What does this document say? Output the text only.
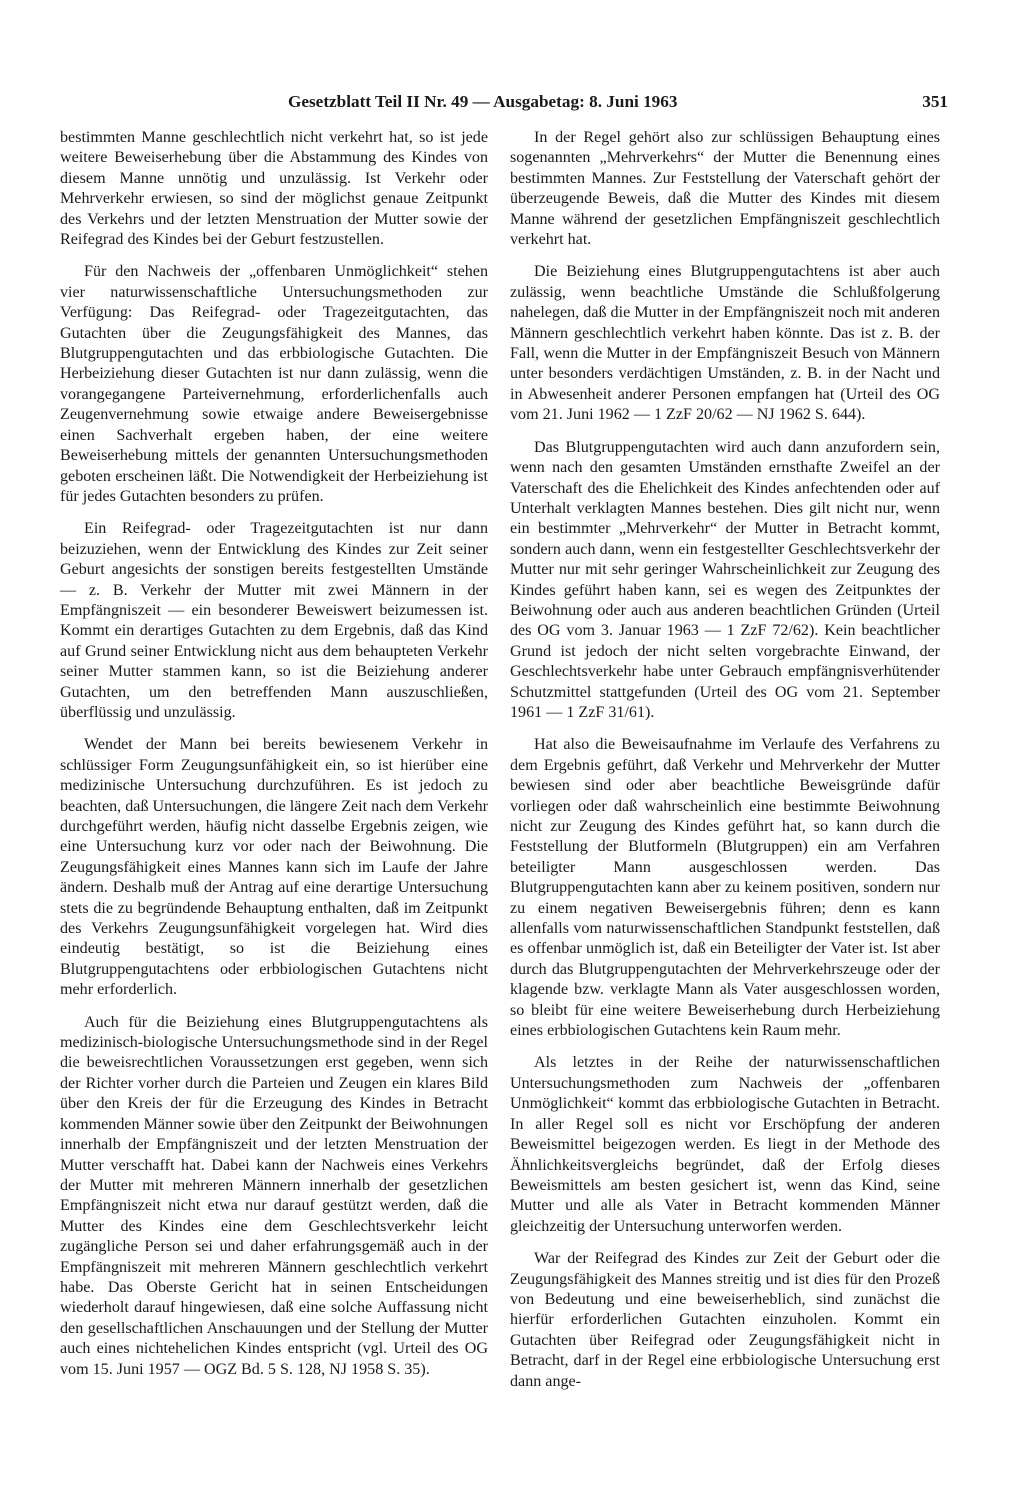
Gesetzblatt Teil II Nr. 49 — Ausgabetag: 8. Juni 1963	351

bestimmten Manne geschlechtlich nicht verkehrt hat, so ist jede weitere Beweiserhebung über die Abstammung des Kindes von diesem Manne unnötig und unzulässig. Ist Verkehr oder Mehrverkehr erwiesen, so sind der möglichst genaue Zeitpunkt des Verkehrs und der letzten Menstruation der Mutter sowie der Reifegrad des Kindes bei der Geburt festzustellen.

Für den Nachweis der „offenbaren Unmöglichkeit“ stehen vier naturwissenschaftliche Untersuchungsmethoden zur Verfügung: Das Reifegrad- oder Tragezeitgutachten, das Gutachten über die Zeugungsfähigkeit des Mannes, das Blutgruppengutachten und das erbbiologische Gutachten. Die Herbeiziehung dieser Gutachten ist nur dann zulässig, wenn die vorangegangene Parteivernehmung, erforderlichenfalls auch Zeugenvernehmung sowie etwaige andere Beweisergebnisse einen Sachverhalt ergeben haben, der eine weitere Beweiserhebung mittels der genannten Untersuchungsmethoden geboten erscheinen läßt. Die Notwendigkeit der Herbeiziehung ist für jedes Gutachten besonders zu prüfen.

Ein Reifegrad- oder Tragezeitgutachten ist nur dann beizuziehen, wenn der Entwicklung des Kindes zur Zeit seiner Geburt angesichts der sonstigen bereits festgestellten Umstände — z. B. Verkehr der Mutter mit zwei Männern in der Empfängniszeit — ein besonderer Beweiswert beizumessen ist. Kommt ein derartiges Gutachten zu dem Ergebnis, daß das Kind auf Grund seiner Entwicklung nicht aus dem behaupteten Verkehr seiner Mutter stammen kann, so ist die Beiziehung anderer Gutachten, um den betreffenden Mann auszuschließen, überflüssig und unzulässig.

Wendet der Mann bei bereits bewiesenem Verkehr in schlüssiger Form Zeugungsunfähigkeit ein, so ist hierüber eine medizinische Untersuchung durchzuführen. Es ist jedoch zu beachten, daß Untersuchungen, die längere Zeit nach dem Verkehr durchgeführt werden, häufig nicht dasselbe Ergebnis zeigen, wie eine Untersuchung kurz vor oder nach der Beiwohnung. Die Zeugungsfähigkeit eines Mannes kann sich im Laufe der Jahre ändern. Deshalb muß der Antrag auf eine derartige Untersuchung stets die zu begründende Behauptung enthalten, daß im Zeitpunkt des Verkehrs Zeugungsunfähigkeit vorgelegen hat. Wird dies eindeutig bestätigt, so ist die Beiziehung eines Blutgruppengutachtens oder erbbiologischen Gutachtens nicht mehr erforderlich.

Auch für die Beiziehung eines Blutgruppengutachtens als medizinisch-biologische Untersuchungsmethode sind in der Regel die beweisrechtlichen Voraussetzungen erst gegeben, wenn sich der Richter vorher durch die Parteien und Zeugen ein klares Bild über den Kreis der für die Erzeugung des Kindes in Betracht kommenden Männer sowie über den Zeitpunkt der Beiwohnungen innerhalb der Empfängniszeit und der letzten Menstruation der Mutter verschafft hat. Dabei kann der Nachweis eines Verkehrs der Mutter mit mehreren Männern innerhalb der gesetzlichen Empfängniszeit nicht etwa nur darauf gestützt werden, daß die Mutter des Kindes eine dem Geschlechtsverkehr leicht zugängliche Person sei und daher erfahrungsgemäß auch in der Empfängniszeit mit mehreren Männern geschlechtlich verkehrt habe. Das Oberste Gericht hat in seinen Entscheidungen wiederholt darauf hingewiesen, daß eine solche Auffassung nicht den gesellschaftlichen Anschauungen und der Stellung der Mutter auch eines nichtehelichen Kindes entspricht (vgl. Urteil des OG vom 15. Juni 1957 — OGZ Bd. 5 S. 128, NJ 1958 S. 35).

In der Regel gehört also zur schlüssigen Behauptung eines sogenannten „Mehrverkehrs“ der Mutter die Benennung eines bestimmten Mannes. Zur Feststellung der Vaterschaft gehört der überzeugende Beweis, daß die Mutter des Kindes mit diesem Manne während der gesetzlichen Empfängniszeit geschlechtlich verkehrt hat.

Die Beiziehung eines Blutgruppengutachtens ist aber auch zulässig, wenn beachtliche Umstände die Schlußfolgerung nahelegen, daß die Mutter in der Empfängniszeit noch mit anderen Männern geschlechtlich verkehrt haben könnte. Das ist z. B. der Fall, wenn die Mutter in der Empfängniszeit Besuch von Männern unter besonders verdächtigen Umständen, z. B. in der Nacht und in Abwesenheit anderer Personen empfangen hat (Urteil des OG vom 21. Juni 1962 — 1 ZzF 20/62 — NJ 1962 S. 644).

Das Blutgruppengutachten wird auch dann anzufordern sein, wenn nach den gesamten Umständen ernsthafte Zweifel an der Vaterschaft des die Ehelichkeit des Kindes anfechtenden oder auf Unterhalt verklagten Mannes bestehen. Dies gilt nicht nur, wenn ein bestimmter „Mehrverkehr“ der Mutter in Betracht kommt, sondern auch dann, wenn ein festgestellter Geschlechtsverkehr der Mutter nur mit sehr geringer Wahrscheinlichkeit zur Zeugung des Kindes geführt haben kann, sei es wegen des Zeitpunktes der Beiwohnung oder auch aus anderen beachtlichen Gründen (Urteil des OG vom 3. Januar 1963 — 1 ZzF 72/62). Kein beachtlicher Grund ist jedoch der nicht selten vorgebrachte Einwand, der Geschlechtsverkehr habe unter Gebrauch empfängnisverhütender Schutzmittel stattgefunden (Urteil des OG vom 21. September 1961 — 1 ZzF 31/61).

Hat also die Beweisaufnahme im Verlaufe des Verfahrens zu dem Ergebnis geführt, daß Verkehr und Mehrverkehr der Mutter bewiesen sind oder aber beachtliche Beweisgründe dafür vorliegen oder daß wahrscheinlich eine bestimmte Beiwohnung nicht zur Zeugung des Kindes geführt hat, so kann durch die Feststellung der Blutformeln (Blutgruppen) ein am Verfahren beteiligter Mann ausgeschlossen werden. Das Blutgruppengutachten kann aber zu keinem positiven, sondern nur zu einem negativen Beweisergebnis führen; denn es kann allenfalls vom naturwissenschaftlichen Standpunkt feststellen, daß es offenbar unmöglich ist, daß ein Beteiligter der Vater ist. Ist aber durch das Blutgruppengutachten der Mehrverkehrszeuge oder der klagende bzw. verklagte Mann als Vater ausgeschlossen worden, so bleibt für eine weitere Beweiserhebung durch Herbeiziehung eines erbbiologischen Gutachtens kein Raum mehr.

Als letztes in der Reihe der naturwissenschaftlichen Untersuchungsmethoden zum Nachweis der „offenbaren Unmöglichkeit“ kommt das erbbiologische Gutachten in Betracht. In aller Regel soll es nicht vor Erschöpfung der anderen Beweismittel beigezogen werden. Es liegt in der Methode des Ähnlichkeitsvergleichs begründet, daß der Erfolg dieses Beweismittels am besten gesichert ist, wenn das Kind, seine Mutter und alle als Vater in Betracht kommenden Männer gleichzeitig der Untersuchung unterworfen werden.

War der Reifegrad des Kindes zur Zeit der Geburt oder die Zeugungsfähigkeit des Mannes streitig und ist dies für den Prozeß von Bedeutung und eine beweiserheblich, sind zunächst die hierfür erforderlichen Gutachten einzuholen. Kommt ein Gutachten über Reifegrad oder Zeugungsfähigkeit nicht in Betracht, darf in der Regel eine erbbiologische Untersuchung erst dann ange-
